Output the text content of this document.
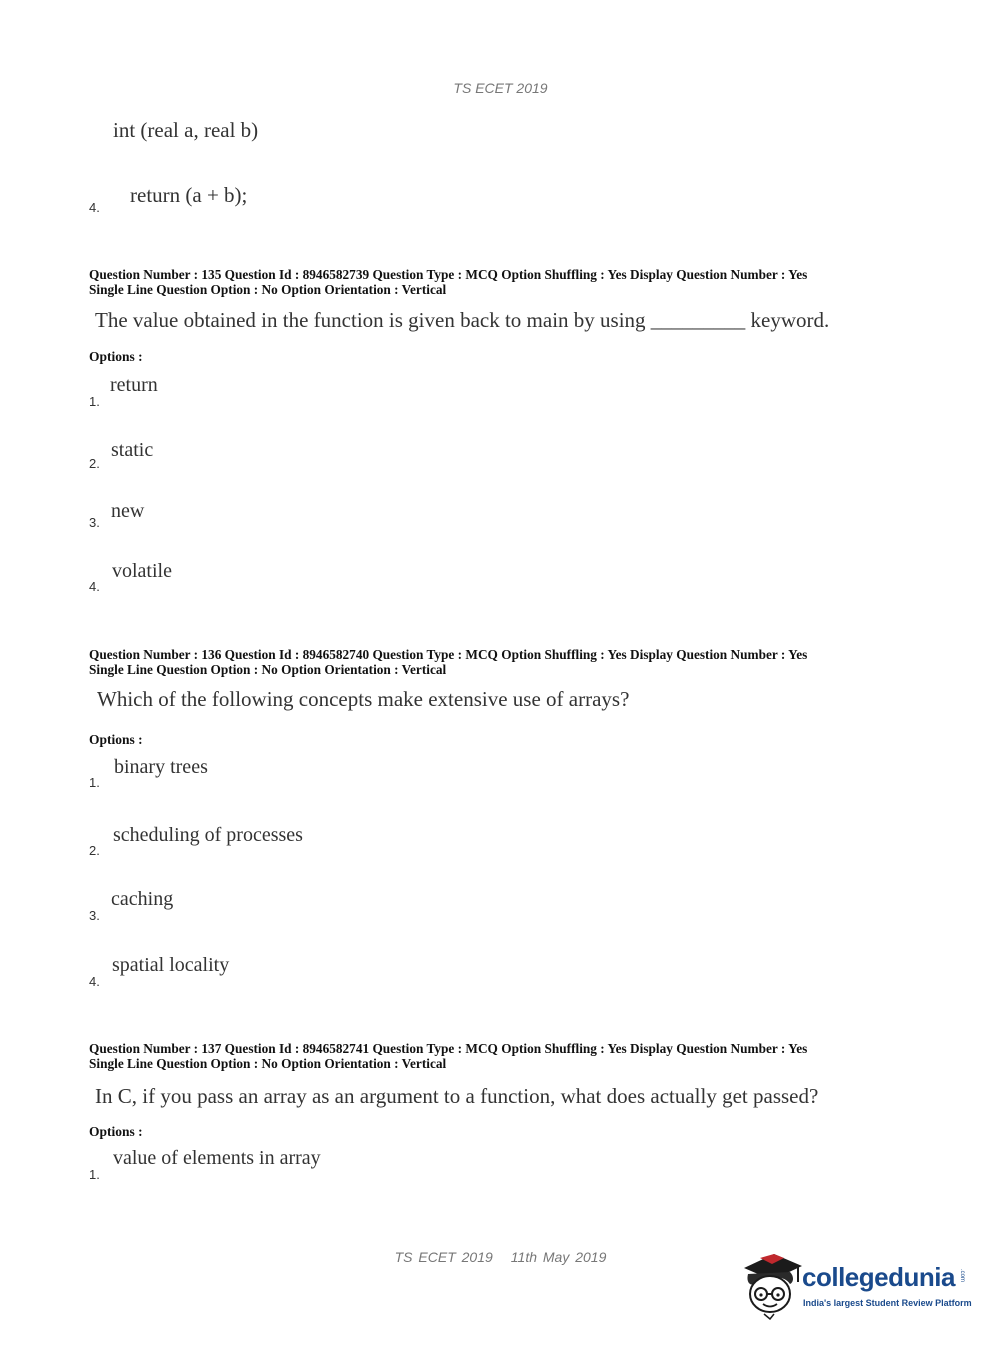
TS ECET 2019
int (real a, real b)
4.
return (a + b);
Question Number : 135 Question Id : 8946582739 Question Type : MCQ Option Shuffling : Yes Display Question Number : Yes
Single Line Question Option : No Option Orientation : Vertical
The value obtained in the function is given back to main by using _________ keyword.
Options :
1.
return
2.
static
3.
new
4.
volatile
Question Number : 136 Question Id : 8946582740 Question Type : MCQ Option Shuffling : Yes Display Question Number : Yes
Single Line Question Option : No Option Orientation : Vertical
Which of the following concepts make extensive use of arrays?
Options :
1.
binary trees
2.
scheduling of processes
3.
caching
4.
spatial locality
Question Number : 137 Question Id : 8946582741 Question Type : MCQ Option Shuffling : Yes Display Question Number : Yes
Single Line Question Option : No Option Orientation : Vertical
In C, if you pass an array as an argument to a function, what does actually get passed?
Options :
1.
value of elements in array
TS ECET 2019 11th May 2019
collegedunia .com
India's largest Student Review Platform
